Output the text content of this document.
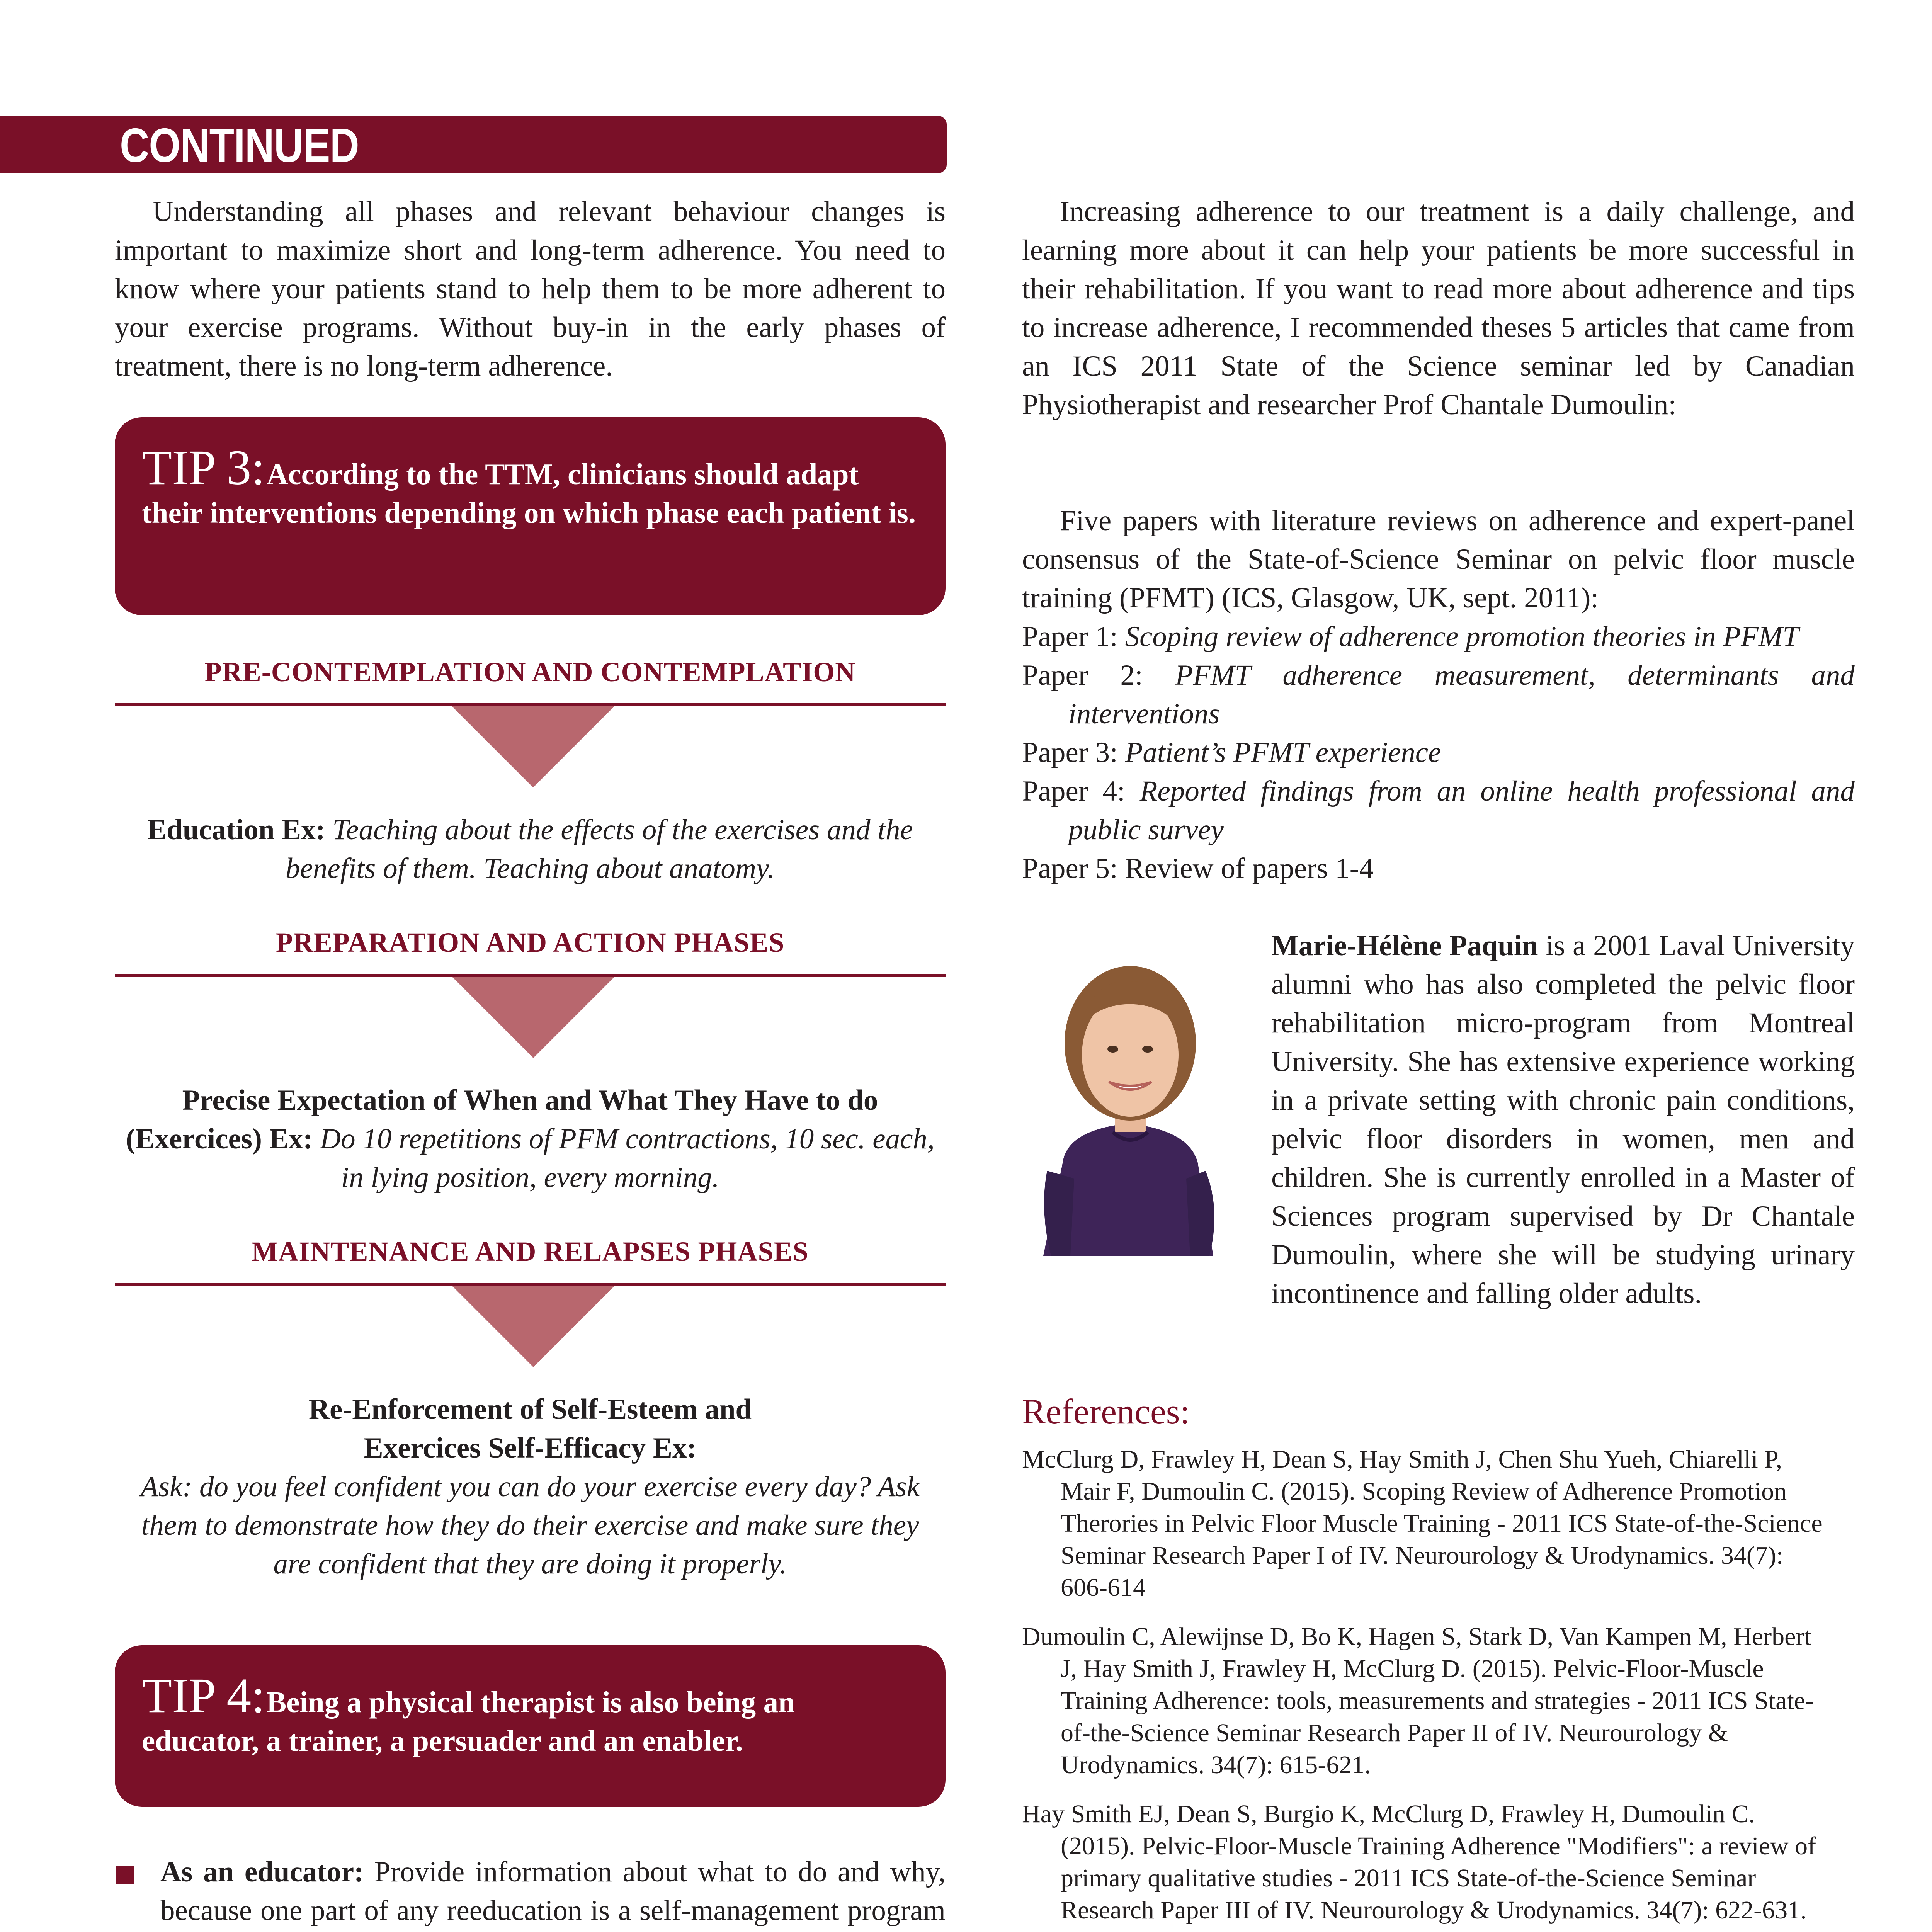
CONTINUED

Understanding all phases and relevant behaviour changes is important to maximize short and long-term adherence. You need to know where your patients stand to help them to be more adherent to your exercise programs. Without buy-in in the early phases of treatment, there is no long-term adherence.

TIP 3: According to the TTM, clinicians should adapt their interventions depending on which phase each patient is.
PRE-CONTEMPLATION AND CONTEMPLATION
Education Ex: Teaching about the effects of the exercises and the benefits of them. Teaching about anatomy.
PREPARATION AND ACTION PHASES
Precise Expectation of When and What They Have to do (Exercices) Ex: Do 10 repetitions of PFM contractions, 10 sec. each, in lying position, every morning.
MAINTENANCE AND RELAPSES PHASES
Re-Enforcement of Self-Esteem and Exercices Self-Efficacy Ex:
Ask: do you feel confident you can do your exercise every day? Ask them to demonstrate how they do their exercise and make sure they are confident that they are doing it properly.
TIP 4: Being a physical therapist is also being an educator, a trainer, a persuader and an enabler.
As an educator: Provide information about what to do and why, because one part of any reeducation is a self-management program

Increasing adherence to our treatment is a daily challenge, and learning more about it can help your patients be more successful in their rehabilitation. If you want to read more about adherence and tips to increase adherence, I recommended theses 5 articles that came from an ICS 2011 State of the Science seminar led by Canadian Physiotherapist and researcher Prof Chantale Dumoulin:

Five papers with literature reviews on adherence and expert-panel consensus of the State-of-Science Seminar on pelvic floor muscle training (PFMT) (ICS, Glasgow, UK, sept. 2011):

Paper 1: Scoping review of adherence promotion theories in PFMT
Paper 2: PFMT adherence measurement, determinants and interventions
Paper 3: Patient’s PFMT experience
Paper 4: Reported findings from an online health professional and public survey
Paper 5: Review of papers 1-4
Marie-Hélène Paquin is a 2001 Laval University alumni who has also completed the pelvic floor rehabilitation micro-program from Montreal University. She has extensive experience working in a private setting with chronic pain conditions, pelvic floor disorders in women, men and children. She is currently enrolled in a Master of Sciences program supervised by Dr Chantale Dumoulin, where she will be studying urinary incontinence and falling older adults.
References:
McClurg D, Frawley H, Dean S, Hay Smith J, Chen Shu Yueh, Chiarelli P, Mair F, Dumoulin C. (2015). Scoping Review of Adherence Promotion Therories in Pelvic Floor Muscle Training - 2011 ICS State-of-the-Science Seminar Research Paper I of IV. Neurourology & Urodynamics. 34(7): 606-614
Dumoulin C, Alewijnse D, Bo K, Hagen S, Stark D, Van Kampen M, Herbert J, Hay Smith J, Frawley H, McClurg D. (2015). Pelvic-Floor-Muscle Training Adherence: tools, measurements and strategies - 2011 ICS State-of-the-Science Seminar Research Paper II of IV. Neurourology & Urodynamics. 34(7): 615-621.
Hay Smith EJ, Dean S, Burgio K, McClurg D, Frawley H, Dumoulin C. (2015). Pelvic-Floor-Muscle Training Adherence "Modifiers": a review of primary qualitative studies - 2011 ICS State-of-the-Science Seminar Research Paper III of IV. Neurourology & Urodynamics. 34(7): 622-631.
